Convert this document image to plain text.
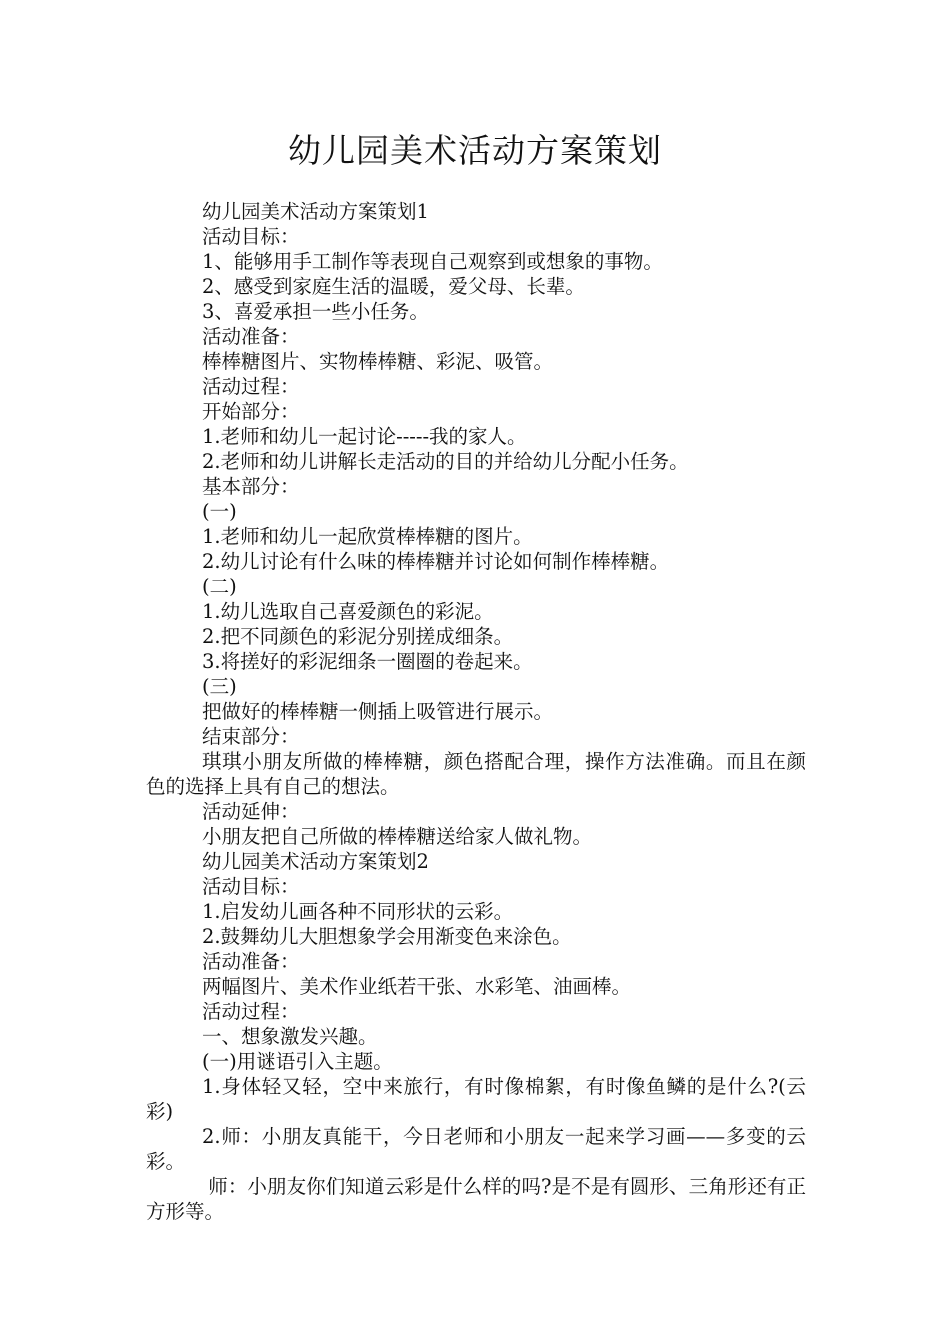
幼儿园美术活动方案策划

幼儿园美术活动方案策划1

活动目标：

1、能够用手工制作等表现自己观察到或想象的事物。

2、感受到家庭生活的温暖，爱父母、长辈。

3、喜爱承担一些小任务。

活动准备：

棒棒糖图片、实物棒棒糖、彩泥、吸管。

活动过程：

开始部分：

1.老师和幼儿一起讨论-----我的家人。

2.老师和幼儿讲解长走活动的目的并给幼儿分配小任务。

基本部分：

(一)

1.老师和幼儿一起欣赏棒棒糖的图片。

2.幼儿讨论有什么味的棒棒糖并讨论如何制作棒棒糖。

(二)

1.幼儿选取自己喜爱颜色的彩泥。

2.把不同颜色的彩泥分别搓成细条。

3.将搓好的彩泥细条一圈圈的卷起来。

(三)

把做好的棒棒糖一侧插上吸管进行展示。

结束部分：

琪琪小朋友所做的棒棒糖，颜色搭配合理，操作方法准确。而且在颜色的选择上具有自己的想法。

活动延伸：

小朋友把自己所做的棒棒糖送给家人做礼物。

幼儿园美术活动方案策划2

活动目标：

1.启发幼儿画各种不同形状的云彩。

2.鼓舞幼儿大胆想象学会用渐变色来涂色。

活动准备：

两幅图片、美术作业纸若干张、水彩笔、油画棒。

活动过程：

一、想象激发兴趣。

(一)用谜语引入主题。

1.身体轻又轻，空中来旅行，有时像棉絮，有时像鱼鳞的是什么?(云彩)

2.师：小朋友真能干，今日老师和小朋友一起来学习画——多变的云彩。

师：小朋友你们知道云彩是什么样的吗?是不是有圆形、三角形还有正方形等。
